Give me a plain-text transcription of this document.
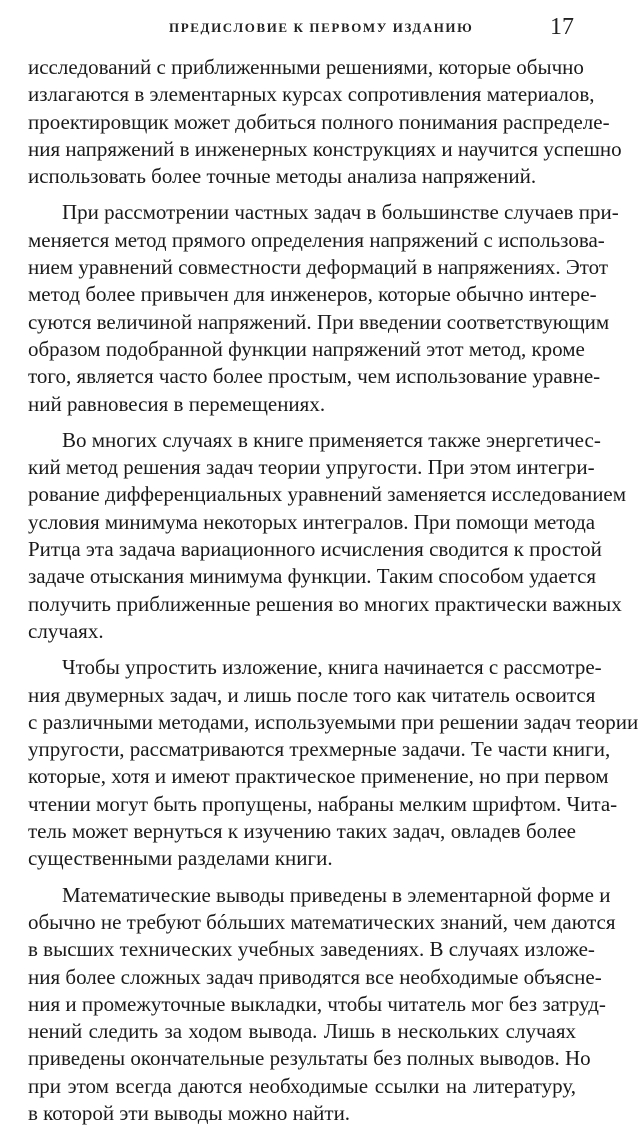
ПРЕДИСЛОВИЕ К ПЕРВОМУ ИЗДАНИЮ	17

исследований с приближенными решениями, которые обычно
излагаются в элементарных курсах сопротивления материалов,
проектировщик может добиться полного понимания распределе-
ния напряжений в инженерных конструкциях и научится успешно
использовать более точные методы анализа напряжений.

При рассмотрении частных задач в большинстве случаев при-
меняется метод прямого определения напряжений с использова-
нием уравнений совместности деформаций в напряжениях. Этот
метод более привычен для инженеров, которые обычно интере-
суются величиной напряжений. При введении соответствующим
образом подобранной функции напряжений этот метод, кроме
того, является часто более простым, чем использование уравне-
ний равновесия в перемещениях.

Во многих случаях в книге применяется также энергетичес-
кий метод решения задач теории упругости. При этом интегри-
рование дифференциальных уравнений заменяется исследованием
условия минимума некоторых интегралов. При помощи метода
Ритца эта задача вариационного исчисления сводится к простой
задаче отыскания минимума функции. Таким способом удается
получить приближенные решения во многих практически важных
случаях.

Чтобы упростить изложение, книга начинается с рассмотре-
ния двумерных задач, и лишь после того как читатель освоится
с различными методами, используемыми при решении задач теории
упругости, рассматриваются трехмерные задачи. Те части книги,
которые, хотя и имеют практическое применение, но при первом
чтении могут быть пропущены, набраны мелким шрифтом. Чита-
тель может вернуться к изучению таких задач, овладев более
существенными разделами книги.

Математические выводы приведены в элементарной форме и
обычно не требуют бóльших математических знаний, чем даются
в высших технических учебных заведениях. В случаях изложе-
ния более сложных задач приводятся все необходимые объясне-
ния и промежуточные выкладки, чтобы читатель мог без затруд-
нений следить за ходом вывода. Лишь в нескольких случаях
приведены окончательные результаты без полных выводов. Но
при этом всегда даются необходимые ссылки на литературу,
в которой эти выводы можно найти.
